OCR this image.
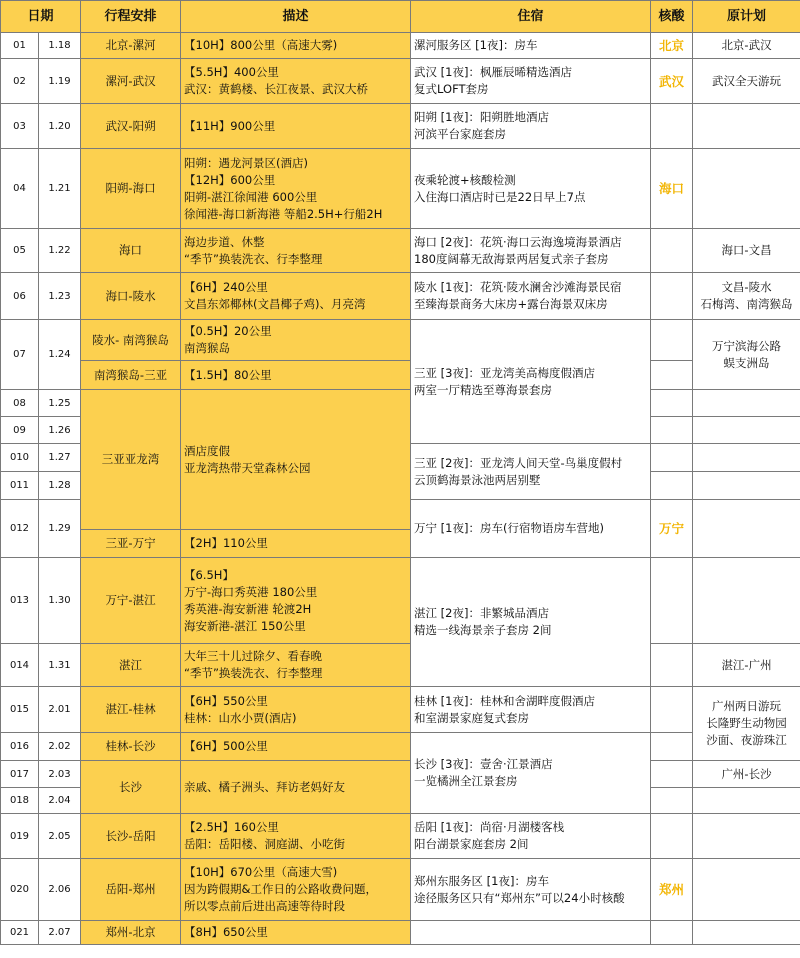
日期		行程安排	描述	住宿	核酸	原计划
01	1.18	北京-漯河	【10H】800公里（高速大雾)	漯河服务区 [1夜]：房车	北京	北京-武汉

02	1.19	漯河-武汉	【5.5H】400公里
武汉：黄鹤楼、长江夜景、武汉大桥	武汉 [1夜]：枫雁辰晞精选酒店
复式LOFT套房	武汉	武汉全天游玩

03	1.20	武汉-阳朔	【11H】900公里	阳朔 [1夜]：阳朔胜地酒店
河滨平台家庭套房		

04	1.21	阳朔-海口	阳朔：遇龙河景区(酒店)
【12H】600公里
阳朔-湛江徐闻港 600公里
徐闻港-海口新海港 等船2.5H+行船2H	夜乘轮渡+核酸检测
入住海口酒店时已是22日早上7点	海口	
05	1.22	海口	海边步道、休整
“季节”换装洗衣、行李整理	海口 [2夜]：花筑·海口云海逸境海景酒店
180度阔幕无敌海景两居复式亲子套房		海口-文昌

06	1.23	海口-陵水	【6H】240公里
文昌东郊椰林(文昌椰子鸡)、月亮湾	陵水 [1夜]：花筑·陵水澜舍沙滩海景民宿
至臻海景商务大床房+露台海景双床房		文昌-陵水
石梅湾、南湾猴岛

07	1.24	陵水- 南湾猴岛	【0.5H】20公里
南湾猴岛	三亚 [3夜]：亚龙湾美高梅度假酒店
两室一厅精选至尊海景套房		万宁滨海公路
蜈支洲岛

		南湾猴岛-三亚	【1.5H】80公里			

08	1.25	三亚亚龙湾	酒店度假
亚龙湾热带天堂森林公园			

09	1.26					
010	1.27			三亚 [2夜]：亚龙湾人间天堂-鸟巢度假村
云顶鹤海景泳池两居别墅		

011	1.28					
012	1.29			万宁 [1夜]：房车(行宿物语房车营地)	万宁	
		三亚-万宁	【2H】110公里			

013	1.30	万宁-湛江	【6.5H】
万宁-海口秀英港 180公里
秀英港-海安新港 轮渡2H
海安新港-湛江 150公里	湛江 [2夜]：非繁城品酒店
精选一线海景亲子套房 2间		

014	1.31	湛江	大年三十儿过除夕、看春晚
“季节”换装洗衣、行李整理			湛江-广州

015	2.01	湛江-桂林	【6H】550公里
桂林：山水小贾(酒店)	桂林 [1夜]：桂林和舍湖畔度假酒店
和室湖景家庭复式套房		广州两日游玩
长隆野生动物园
沙面、夜游珠江

016	2.02	桂林-长沙	【6H】500公里	长沙 [3夜]：壹舍·江景酒店
一览橘洲全江景套房		

017	2.03	长沙	亲戚、橘子洲头、拜访老妈好友			广州-长沙

018	2.04					
019	2.05	长沙-岳阳	【2.5H】160公里
岳阳：岳阳楼、洞庭湖、小吃街	岳阳 [1夜]：尚宿·月湖楼客栈
阳台湖景家庭套房 2间		

020	2.06	岳阳-郑州	【10H】670公里（高速大雪)
因为跨假期&工作日的公路收费问题，
所以零点前后进出高速等待时段	郑州东服务区 [1夜]：房车
途径服务区只有“郑州东”可以24小时核酸	郑州	
021	2.07	郑州-北京	【8H】650公里			
